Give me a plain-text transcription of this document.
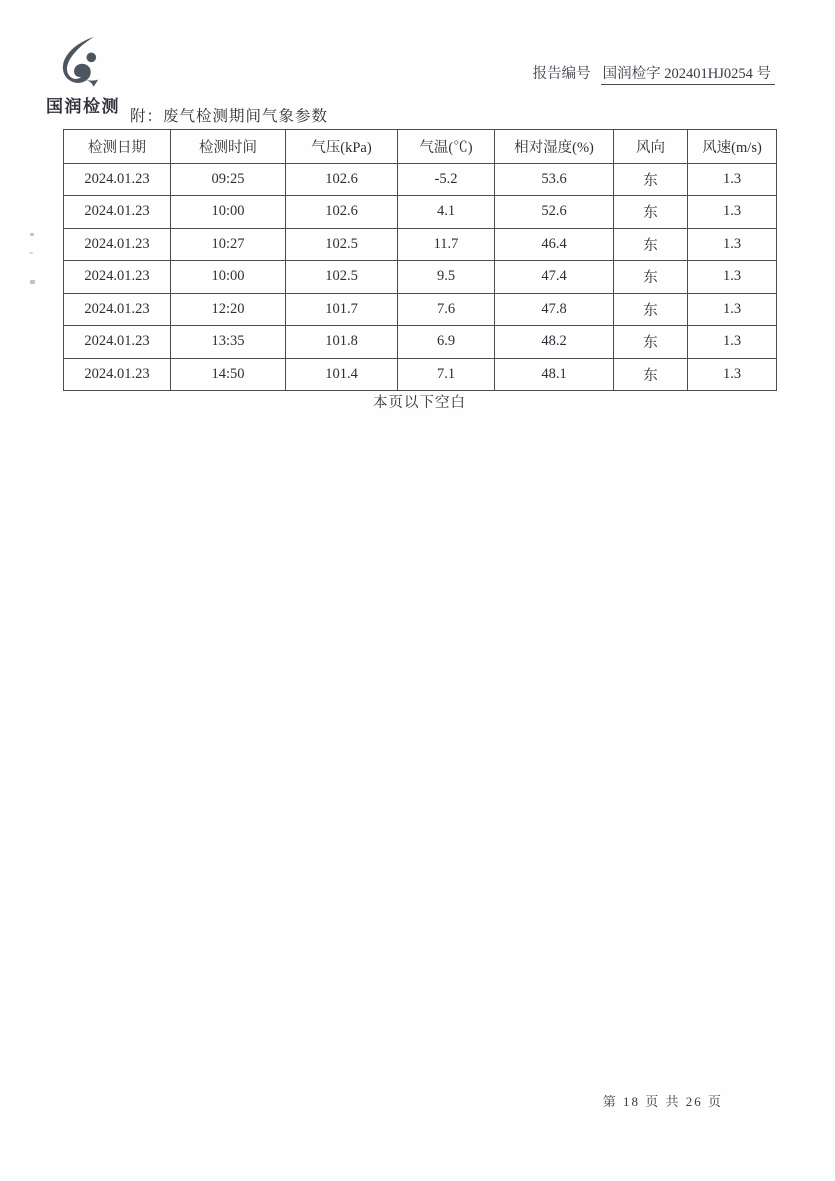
国润检测
报告编号 国润检字 202401HJ0254 号
附：废气检测期间气象参数
检测日期	检测时间	气压(kPa)	气温(℃)	相对湿度(%)	风向	风速(m/s)
2024.01.23	09:25	102.6	-5.2	53.6	东	1.3
2024.01.23	10:00	102.6	4.1	52.6	东	1.3
2024.01.23	10:27	102.5	11.7	46.4	东	1.3
2024.01.23	10:00	102.5	9.5	47.4	东	1.3
2024.01.23	12:20	101.7	7.6	47.8	东	1.3
2024.01.23	13:35	101.8	6.9	48.2	东	1.3
2024.01.23	14:50	101.4	7.1	48.1	东	1.3
本页以下空白
第 18 页 共 26 页
